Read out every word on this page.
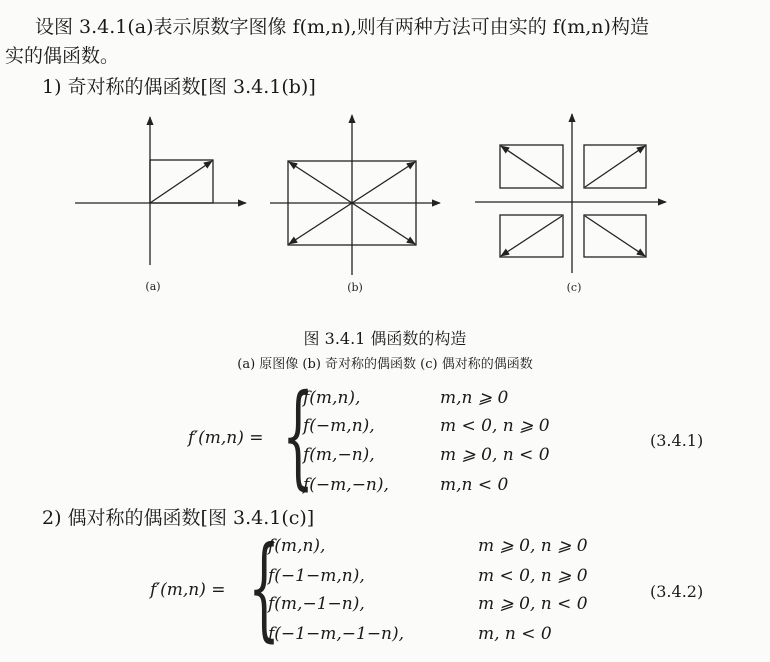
设图 3.4.1(a)表示原数字图像 f(m,n),则有两种方法可由实的 f(m,n)构造
实的偶函数。
1) 奇对称的偶函数[图 3.4.1(b)]
(a)	(b)	(c)
图 3.4.1 偶函数的构造
(a) 原图像 (b) 奇对称的偶函数 (c) 偶对称的偶函数
f′(m,n) = {
f(m,n),	m,n ⩾ 0
f(−m,n),	m < 0, n ⩾ 0
f(m,−n),	m ⩾ 0, n < 0
f(−m,−n),	m,n < 0
(3.4.1)
2) 偶对称的偶函数[图 3.4.1(c)]
f′(m,n) = {
f(m,n),	m ⩾ 0, n ⩾ 0
f(−1−m,n),	m < 0, n ⩾ 0
f(m,−1−n),	m ⩾ 0, n < 0
f(−1−m,−1−n),	m, n < 0
(3.4.2)
